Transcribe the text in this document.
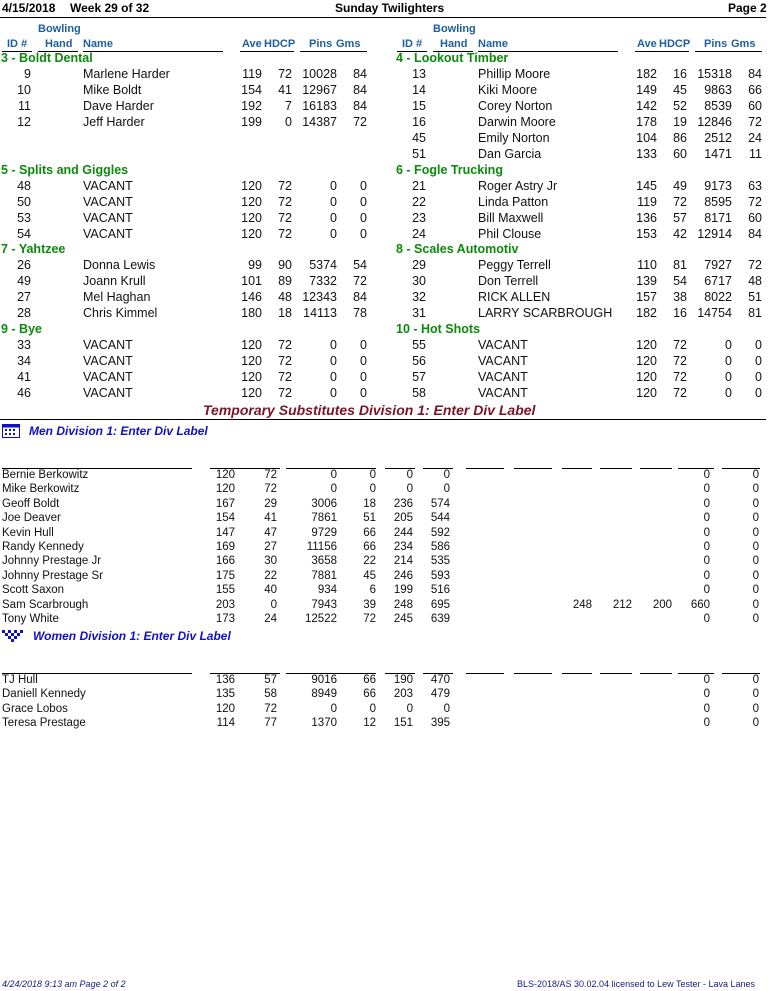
4/15/2018 Week 29 of 32	Sunday Twilighters	Page 2
Bowling
ID # Hand Name	Ave HDCP Pins Gms
Bowling
ID # Hand Name	Ave HDCP Pins Gms
3 - Boldt Dental
9	Marlene Harder	119	72 10028	84
10	Mike Boldt	154	41 12967	84
11	Dave Harder	192	7 16183	84
12	Jeff Harder	199	0 14387	72
5 - Splits and Giggles
48	VACANT	120	72	0	0
50	VACANT	120	72	0	0
53	VACANT	120	72	0	0
54	VACANT	120	72	0	0
7 - Yahtzee
26	Donna Lewis	99	90	5374	54
49	Joann Krull	101	89	7332	72
27	Mel Haghan	146	48 12343	84
28	Chris Kimmel	180	18 14113	78
9 - Bye
33	VACANT	120	72	0	0
34	VACANT	120	72	0	0
41	VACANT	120	72	0	0
46	VACANT	120	72	0	0
4 - Lookout Timber
13	Phillip Moore	182	16 15318	84
14	Kiki Moore	149	45	9863	66
15	Corey Norton	142	52	8539	60
16	Darwin Moore	178	19 12846	72
45	Emily Norton	104	86	2512	24
51	Dan Garcia	133	60	1471	11
6 - Fogle Trucking
21	Roger Astry Jr	145	49	9173	63
22	Linda Patton	119	72	8595	72
23	Bill Maxwell	136	57	8171	60
24	Phil Clouse	153	42 12914	84
8 - Scales Automotiv
29	Peggy Terrell	110	81	7927	72
30	Don Terrell	139	54	6717	48
32	RICK ALLEN	157	38	8022	51
31	LARRY SCARBROUGH	182	16 14754	81
10 - Hot Shots
55	VACANT	120	72	0	0
56	VACANT	120	72	0	0
57	VACANT	120	72	0	0
58	VACANT	120	72	0	0
Temporary Substitutes Division 1: Enter Div Label
Men Division 1: Enter Div Label
Bernie Berkowitz	120	72	0	0	0	0	0	0
Mike Berkowitz	120	72	0	0	0	0	0	0
Geoff Boldt	167	29	3006	18	236	574	0	0
Joe Deaver	154	41	7861	51	205	544	0	0
Kevin Hull	147	47	9729	66	244	592	0	0
Randy Kennedy	169	27	11156	66	234	586	0	0
Johnny Prestage Jr	166	30	3658	22	214	535	0	0
Johnny Prestage Sr	175	22	7881	45	246	593	0	0
Scott Saxon	155	40	934	6	199	516	0	0
Sam Scarbrough	203	0	7943	39	248	695	248	212	200	660	0
Tony White	173	24	12522	72	245	639	0	0
Women Division 1: Enter Div Label
TJ Hull	136	57	9016	66	190	470	0	0
Daniell Kennedy	135	58	8949	66	203	479	0	0
Grace Lobos	120	72	0	0	0	0	0	0
Teresa Prestage	114	77	1370	12	151	395	0	0
4/24/2018 9:13 am Page 2 of 2	BLS-2018/AS 30.02.04 licensed to Lew Tester - Lava Lanes
